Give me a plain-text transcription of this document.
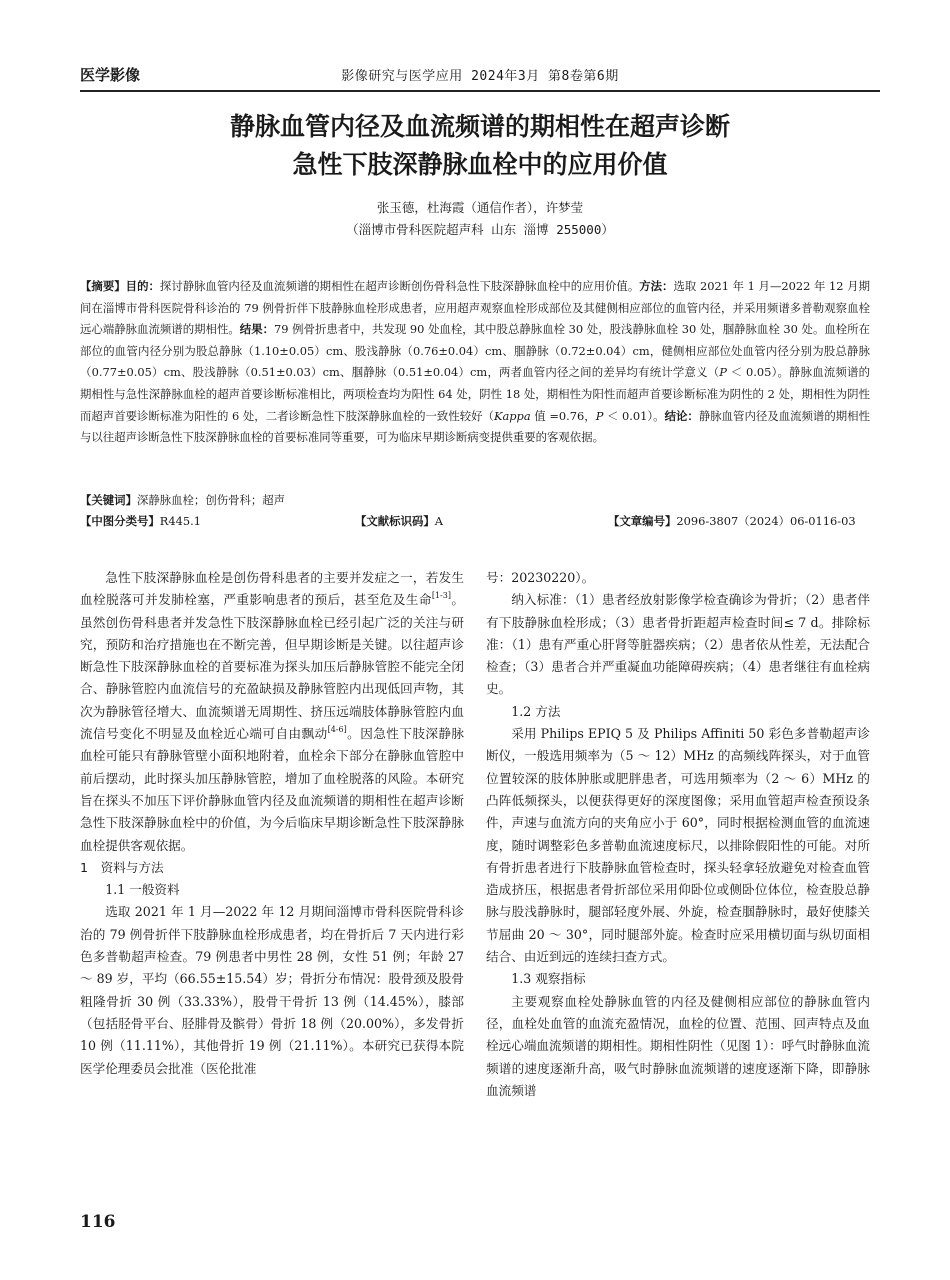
医学影像	影像研究与医学应用 2024年3月 第8卷第6期
静脉血管内径及血流频谱的期相性在超声诊断
急性下肢深静脉血栓中的应用价值
张玉德，杜海霞（通信作者），许梦莹
（淄博市骨科医院超声科 山东 淄博 255000）
【摘要】目的：探讨静脉血管内径及血流频谱的期相性在超声诊断创伤骨科急性下肢深静脉血栓中的应用价值。方法：选取 2021 年 1 月—2022 年 12 月期间在淄博市骨科医院骨科诊治的 79 例骨折伴下肢静脉血栓形成患者，应用超声观察血栓形成部位及其健侧相应部位的血管内径，并采用频谱多普勒观察血栓远心端静脉血流频谱的期相性。结果：79 例骨折患者中，共发现 90 处血栓，其中股总静脉血栓 30 处，股浅静脉血栓 30 处，腘静脉血栓 30 处。血栓所在部位的血管内径分别为股总静脉（1.10±0.05）cm、股浅静脉（0.76±0.04）cm、腘静脉（0.72±0.04）cm，健侧相应部位处血管内径分别为股总静脉（0.77±0.05）cm、股浅静脉（0.51±0.03）cm、腘静脉（0.51±0.04）cm，两者血管内径之间的差异均有统计学意义（P ＜ 0.05）。静脉血流频谱的期相性与急性深静脉血栓的超声首要诊断标准相比，两项检查均为阳性 64 处，阴性 18 处，期相性为阳性而超声首要诊断标准为阴性的 2 处，期相性为阴性而超声首要诊断标准为阳性的 6 处，二者诊断急性下肢深静脉血栓的一致性较好（Kappa 值 =0.76，P ＜ 0.01）。结论：静脉血管内径及血流频谱的期相性与以往超声诊断急性下肢深静脉血栓的首要标准同等重要，可为临床早期诊断病变提供重要的客观依据。
【关键词】深静脉血栓；创伤骨科；超声
【中图分类号】R445.1	【文献标识码】A	【文章编号】2096-3807（2024）06-0116-03

急性下肢深静脉血栓是创伤骨科患者的主要并发症之一，若发生血栓脱落可并发肺栓塞，严重影响患者的预后，甚至危及生命[1-3]。虽然创伤骨科患者并发急性下肢深静脉血栓已经引起广泛的关注与研究，预防和治疗措施也在不断完善，但早期诊断是关键。以往超声诊断急性下肢深静脉血栓的首要标准为探头加压后静脉管腔不能完全闭合、静脉管腔内血流信号的充盈缺损及静脉管腔内出现低回声物，其次为静脉管径增大、血流频谱无周期性、挤压远端肢体静脉管腔内血流信号变化不明显及血栓近心端可自由飘动[4-6]。因急性下肢深静脉血栓可能只有静脉管壁小面积地附着，血栓余下部分在静脉血管腔中前后摆动，此时探头加压静脉管腔，增加了血栓脱落的风险。本研究旨在探头不加压下评价静脉血管内径及血流频谱的期相性在超声诊断急性下肢深静脉血栓中的价值，为今后临床早期诊断急性下肢深静脉血栓提供客观依据。

1　资料与方法

1.1 一般资料

选取 2021 年 1 月—2022 年 12 月期间淄博市骨科医院骨科诊治的 79 例骨折伴下肢静脉血栓形成患者，均在骨折后 7 天内进行彩色多普勒超声检查。79 例患者中男性 28 例，女性 51 例；年龄 27 ～ 89 岁，平均（66.55±15.54）岁；骨折分布情况：股骨颈及股骨粗隆骨折 30 例（33.33%），股骨干骨折 13 例（14.45%），膝部（包括胫骨平台、胫腓骨及髌骨）骨折 18 例（20.00%），多发骨折 10 例（11.11%），其他骨折 19 例（21.11%）。本研究已获得本院医学伦理委员会批准（医伦批准

号：20230220）。

纳入标准：（1）患者经放射影像学检查确诊为骨折；（2）患者伴有下肢静脉血栓形成；（3）患者骨折距超声检查时间≤ 7 d。排除标准：（1）患有严重心肝肾等脏器疾病；（2）患者依从性差，无法配合检查；（3）患者合并严重凝血功能障碍疾病；（4）患者继往有血栓病史。

1.2 方法

采用 Philips EPIQ 5 及 Philips Affiniti 50 彩色多普勒超声诊断仪，一般选用频率为（5 ～ 12）MHz 的高频线阵探头，对于血管位置较深的肢体肿胀或肥胖患者，可选用频率为（2 ～ 6）MHz 的凸阵低频探头，以便获得更好的深度图像；采用血管超声检查预设条件，声速与血流方向的夹角应小于 60°，同时根据检测血管的血流速度，随时调整彩色多普勒血流速度标尺，以排除假阳性的可能。对所有骨折患者进行下肢静脉血管检查时，探头轻拿轻放避免对检查血管造成挤压，根据患者骨折部位采用仰卧位或侧卧位体位，检查股总静脉与股浅静脉时，腿部轻度外展、外旋，检查腘静脉时，最好使膝关节屈曲 20 ～ 30°，同时腿部外旋。检查时应采用横切面与纵切面相结合、由近到远的连续扫查方式。

1.3 观察指标

主要观察血栓处静脉血管的内径及健侧相应部位的静脉血管内径，血栓处血管的血流充盈情况，血栓的位置、范围、回声特点及血栓远心端血流频谱的期相性。期相性阴性（见图 1）：呼气时静脉血流频谱的速度逐渐升高，吸气时静脉血流频谱的速度逐渐下降，即静脉血流频谱

116
